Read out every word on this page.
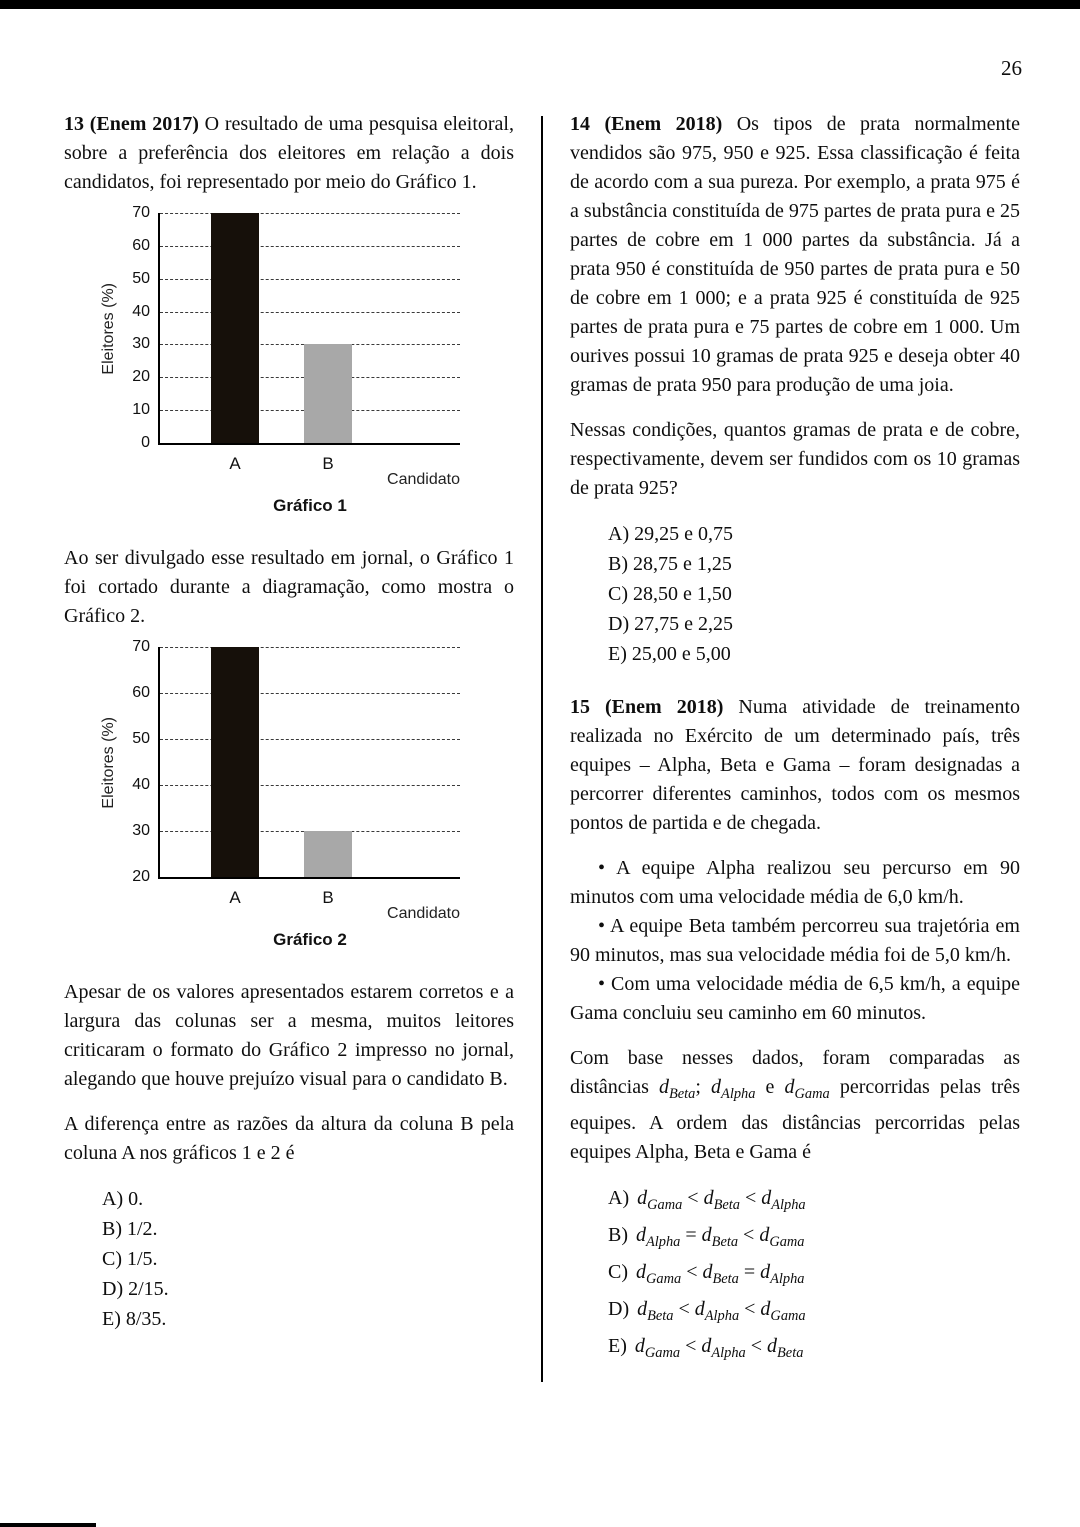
26

13 (Enem 2017) O resultado de uma pesquisa eleitoral, sobre a preferência dos eleitores em relação a dois candidatos, foi representado por meio do Gráfico 1.

Eleitores (%)
0
10
20
30
40
50
60
70
A	B
Candidato
Gráfico 1

Ao ser divulgado esse resultado em jornal, o Gráfico 1 foi cortado durante a diagramação, como mostra o Gráfico 2.

Eleitores (%)
20
30
40
50
60
70
A	B
Candidato
Gráfico 2

Apesar de os valores apresentados estarem corretos e a largura das colunas ser a mesma, muitos leitores criticaram o formato do Gráfico 2 impresso no jornal, alegando que houve prejuízo visual para o candidato B.

A diferença entre as razões da altura da coluna B pela coluna A nos gráficos 1 e 2 é

A) 0.
B) 1/2.
C) 1/5.
D) 2/15.
E) 8/35.

14 (Enem 2018) Os tipos de prata normalmente vendidos são 975, 950 e 925. Essa classificação é feita de acordo com a sua pureza. Por exemplo, a prata 975 é a substância constituída de 975 partes de prata pura e 25 partes de cobre em 1 000 partes da substância. Já a prata 950 é constituída de 950 partes de prata pura e 50 de cobre em 1 000; e a prata 925 é constituída de 925 partes de prata pura e 75 partes de cobre em 1 000. Um ourives possui 10 gramas de prata 925 e deseja obter 40 gramas de prata 950 para produção de uma joia.

Nessas condições, quantos gramas de prata e de cobre, respectivamente, devem ser fundidos com os 10 gramas de prata 925?

A) 29,25 e 0,75
B) 28,75 e 1,25
C) 28,50 e 1,50
D) 27,75 e 2,25
E) 25,00 e 5,00

15 (Enem 2018) Numa atividade de treinamento realizada no Exército de um determinado país, três equipes – Alpha, Beta e Gama – foram designadas a percorrer diferentes caminhos, todos com os mesmos pontos de partida e de chegada.

• A equipe Alpha realizou seu percurso em 90 minutos com uma velocidade média de 6,0 km/h.

• A equipe Beta também percorreu sua trajetória em 90 minutos, mas sua velocidade média foi de 5,0 km/h.

• Com uma velocidade média de 6,5 km/h, a equipe Gama concluiu seu caminho em 60 minutos.

Com base nesses dados, foram comparadas as distâncias $d_{Beta}$; $d_{Alpha}$ e $d_{Gama}$ percorridas pelas três equipes. A ordem das distâncias percorridas pelas equipes Alpha, Beta e Gama é

A) $d_{Gama} < d_{Beta} < d_{Alpha}$
B) $d_{Alpha} = d_{Beta} < d_{Gama}$
C) $d_{Gama} < d_{Beta} = d_{Alpha}$
D) $d_{Beta} < d_{Alpha} < d_{Gama}$
E) $d_{Gama} < d_{Alpha} < d_{Beta}$
